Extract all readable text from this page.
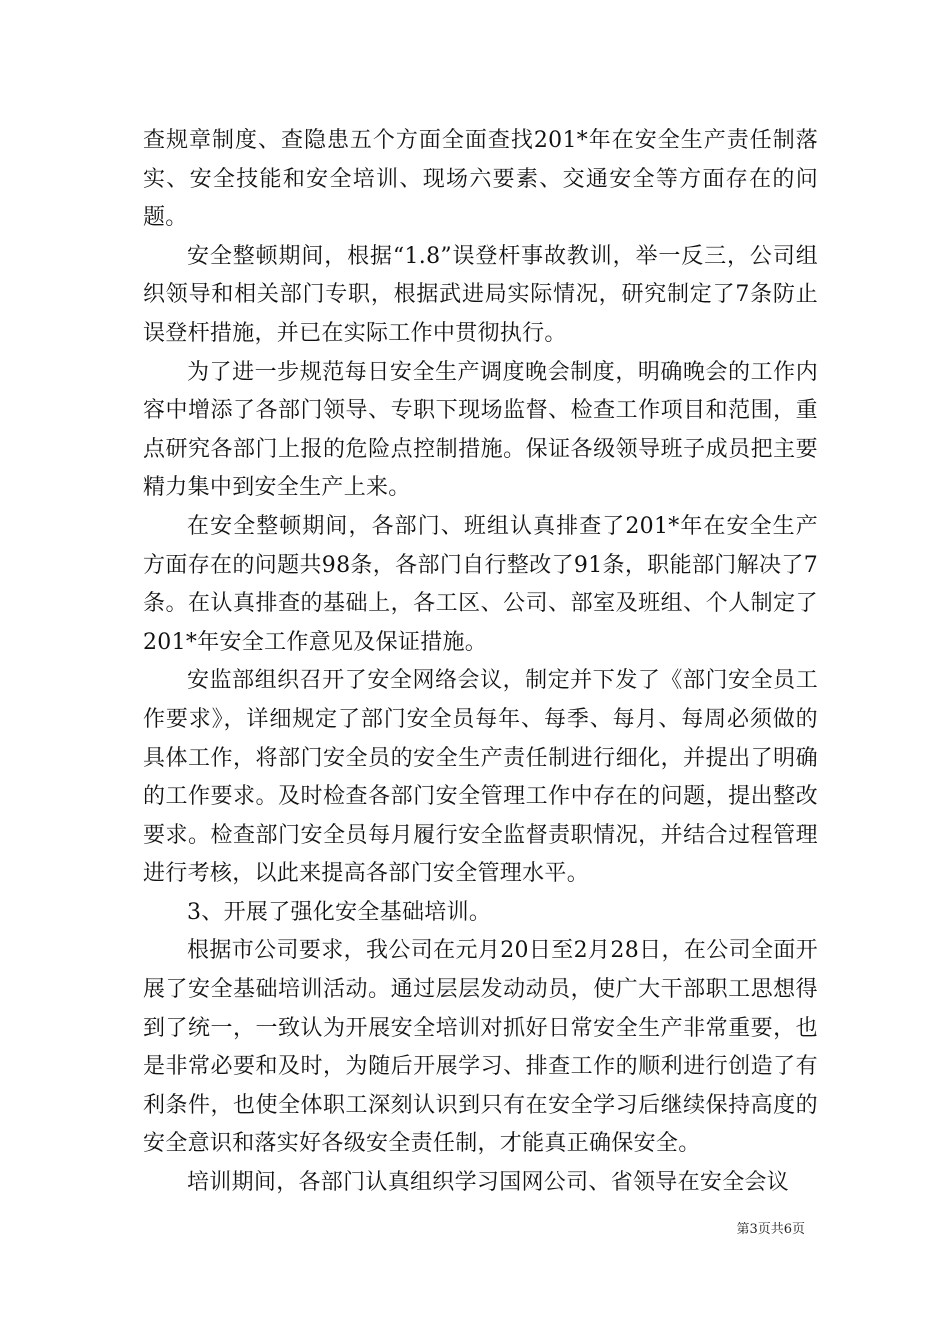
查规章制度、查隐患五个方面全面查找201*年在安全生产责任制落实、安全技能和安全培训、现场六要素、交通安全等方面存在的问题。

安全整顿期间，根据“1.8”误登杆事故教训，举一反三，公司组织领导和相关部门专职，根据武进局实际情况，研究制定了7条防止误登杆措施，并已在实际工作中贯彻执行。

为了进一步规范每日安全生产调度晚会制度，明确晚会的工作内容中增添了各部门领导、专职下现场监督、检查工作项目和范围，重点研究各部门上报的危险点控制措施。保证各级领导班子成员把主要精力集中到安全生产上来。

在安全整顿期间，各部门、班组认真排查了201*年在安全生产方面存在的问题共98条，各部门自行整改了91条，职能部门解决了7条。在认真排查的基础上，各工区、公司、部室及班组、个人制定了201*年安全工作意见及保证措施。

安监部组织召开了安全网络会议，制定并下发了《部门安全员工作要求》，详细规定了部门安全员每年、每季、每月、每周必须做的具体工作，将部门安全员的安全生产责任制进行细化，并提出了明确的工作要求。及时检查各部门安全管理工作中存在的问题，提出整改要求。检查部门安全员每月履行安全监督责职情况，并结合过程管理进行考核，以此来提高各部门安全管理水平。

3、开展了强化安全基础培训。

根据市公司要求，我公司在元月20日至2月28日，在公司全面开展了安全基础培训活动。通过层层发动动员，使广大干部职工思想得到了统一，一致认为开展安全培训对抓好日常安全生产非常重要，也是非常必要和及时，为随后开展学习、排查工作的顺利进行创造了有利条件，也使全体职工深刻认识到只有在安全学习后继续保持高度的安全意识和落实好各级安全责任制，才能真正确保安全。

培训期间，各部门认真组织学习国网公司、省领导在安全会议

第3页共6页
